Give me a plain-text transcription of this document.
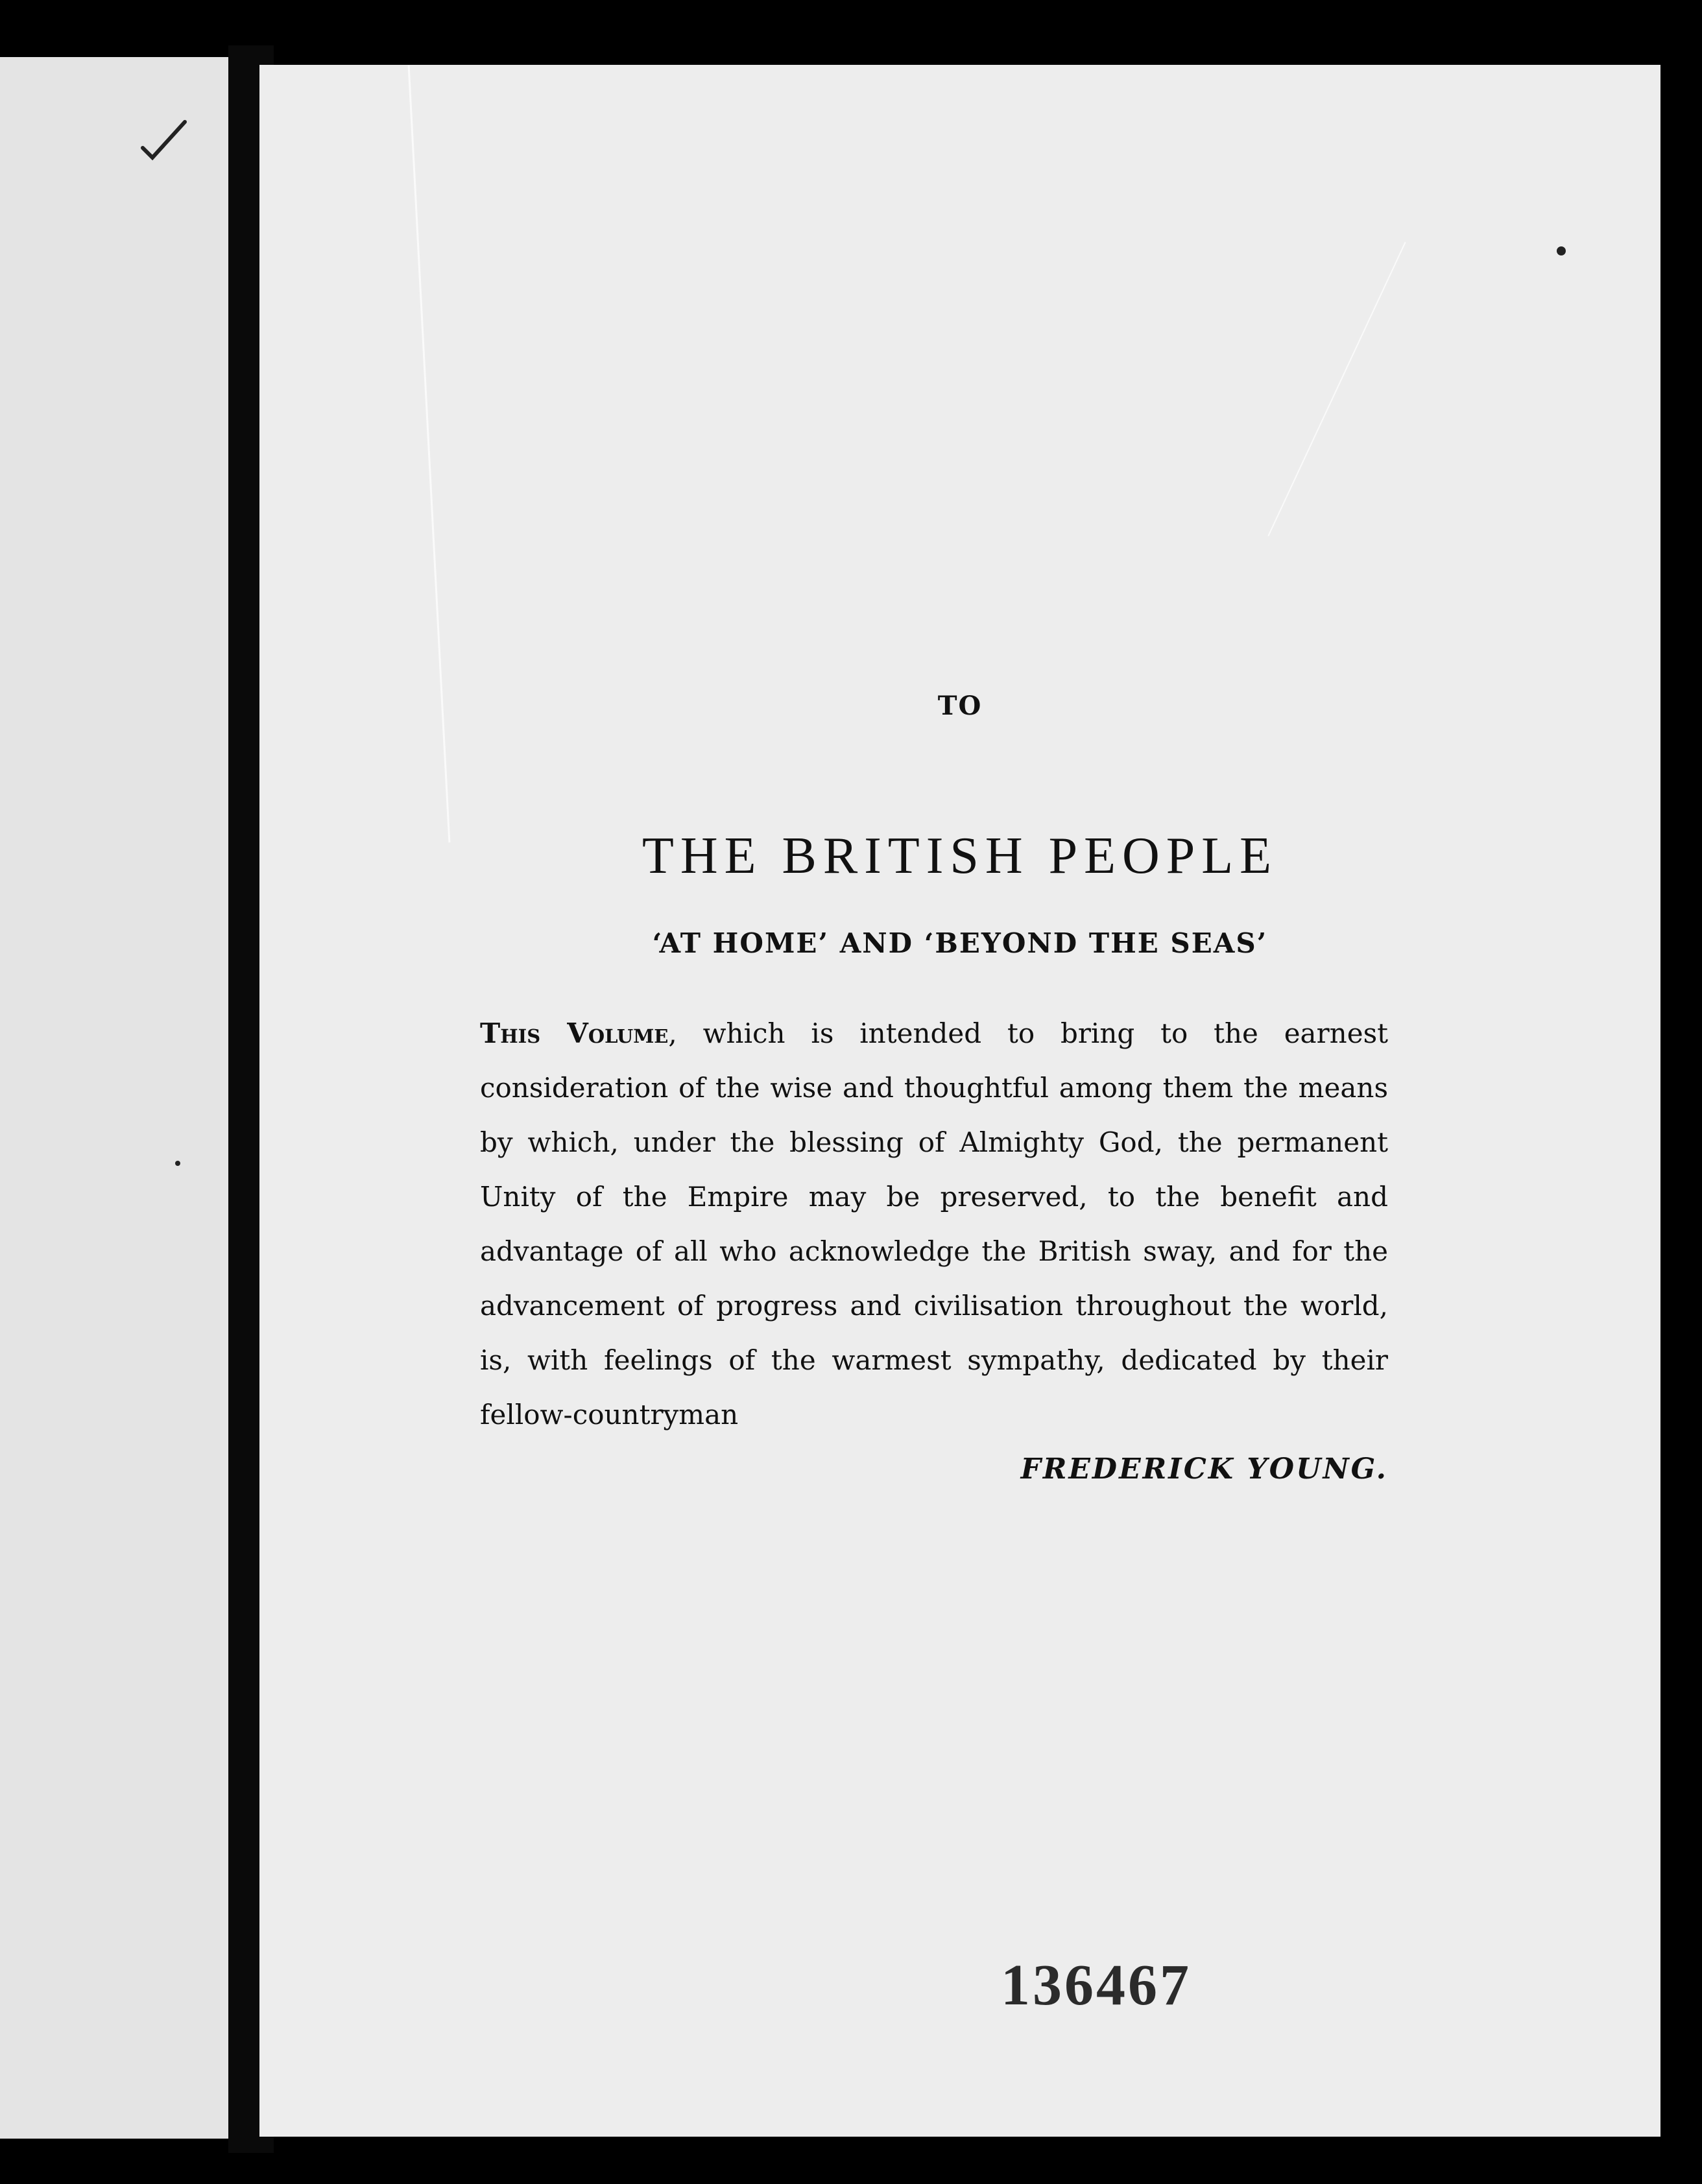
TO
THE BRITISH PEOPLE
‘AT HOME’ AND ‘BEYOND THE SEAS’
This Volume, which is intended to bring to the earnest consideration of the wise and thoughtful among them the means by which, under the blessing of Almighty God, the permanent Unity of the Empire may be preserved, to the benefit and advantage of all who acknowledge the British sway, and for the advancement of progress and civilisation throughout the world, is, with feelings of the warmest sympathy, dedicated by their fellow-countryman
FREDERICK YOUNG.
136467
